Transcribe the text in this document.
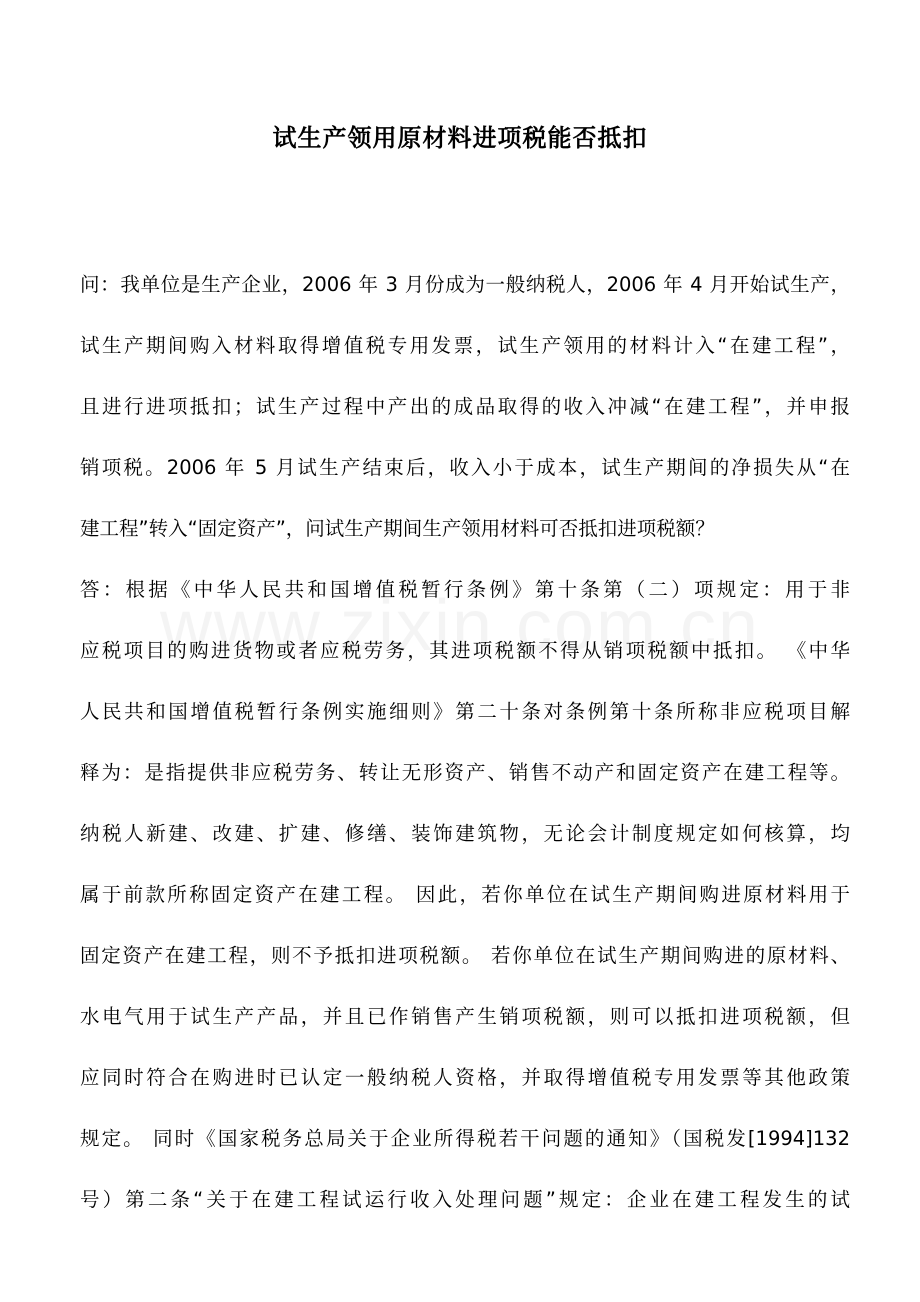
试生产领用原材料进项税能否抵扣
问：我单位是生产企业，2006 年 3 月份成为一般纳税人，2006 年 4 月开始试生产，
试生产期间购入材料取得增值税专用发票，试生产领用的材料计入“在建工程”，
且进行进项抵扣；试生产过程中产出的成品取得的收入冲减“在建工程”，并申报
销项税。2006 年 5 月试生产结束后，收入小于成本，试生产期间的净损失从“在
建工程”转入“固定资产”，问试生产期间生产领用材料可否抵扣进项税额？
答：根据《中华人民共和国增值税暂行条例》第十条第（二）项规定：用于非
应税项目的购进货物或者应税劳务，其进项税额不得从销项税额中抵扣。 《中华
人民共和国增值税暂行条例实施细则》第二十条对条例第十条所称非应税项目解
释为：是指提供非应税劳务、转让无形资产、销售不动产和固定资产在建工程等。
纳税人新建、改建、扩建、修缮、装饰建筑物，无论会计制度规定如何核算，均
属于前款所称固定资产在建工程。 因此，若你单位在试生产期间购进原材料用于
固定资产在建工程，则不予抵扣进项税额。 若你单位在试生产期间购进的原材料、
水电气用于试生产产品，并且已作销售产生销项税额，则可以抵扣进项税额，但
应同时符合在购进时已认定一般纳税人资格，并取得增值税专用发票等其他政策
规定。 同时《国家税务总局关于企业所得税若干问题的通知》（国税发[1994]132
号）第二条“关于在建工程试运行收入处理问题”规定：企业在建工程发生的试
